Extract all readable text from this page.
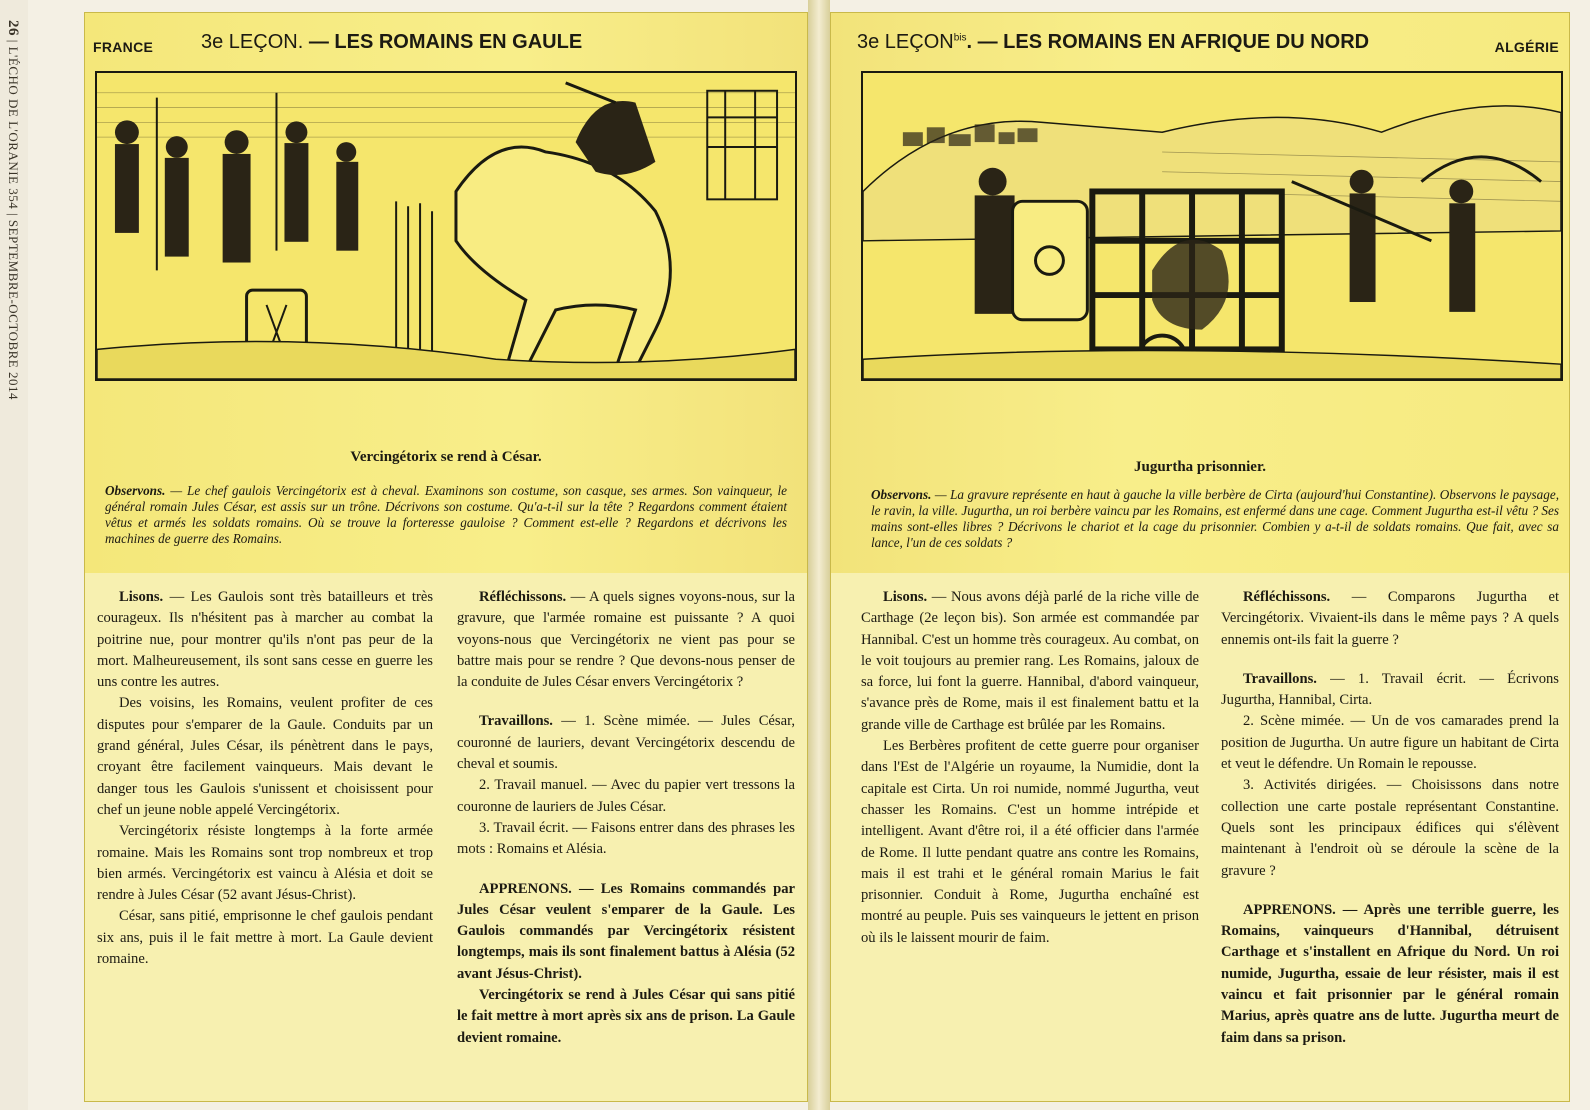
26 | L'ÉCHO DE L'ORANIE 354 | SEPTEMBRE-OCTOBRE 2014	FRANCE 3e LEÇON. — LES ROMAINS EN GAULE
Vercingétorix se rend à César.
Observons. — Le chef gaulois Vercingétorix est à cheval. Examinons son costume, son casque, ses armes. Son vainqueur, le général romain Jules César, est assis sur un trône. Décrivons son costume. Qu'a-t-il sur la tête ? Regardons comment étaient vêtus et armés les soldats romains. Où se trouve la forteresse gauloise ? Comment est-elle ? Regardons et décrivons les machines de guerre des Romains.

Lisons. — Les Gaulois sont très batailleurs et très courageux. Ils n'hésitent pas à marcher au combat la poitrine nue, pour montrer qu'ils n'ont pas peur de la mort. Malheureusement, ils sont sans cesse en guerre les uns contre les autres.

Des voisins, les Romains, veulent profiter de ces disputes pour s'emparer de la Gaule. Conduits par un grand général, Jules César, ils pénètrent dans le pays, croyant être facilement vainqueurs. Mais devant le danger tous les Gaulois s'unissent et choisissent pour chef un jeune noble appelé Vercingétorix.

Vercingétorix résiste longtemps à la forte armée romaine. Mais les Romains sont trop nombreux et trop bien armés. Vercingétorix est vaincu à Alésia et doit se rendre à Jules César (52 avant Jésus-Christ).

César, sans pitié, emprisonne le chef gaulois pendant six ans, puis il le fait mettre à mort. La Gaule devient romaine.

Réfléchissons. — A quels signes voyons-nous, sur la gravure, que l'armée romaine est puissante ? A quoi voyons-nous que Vercingétorix ne vient pas pour se battre mais pour se rendre ? Que devons-nous penser de la conduite de Jules César envers Vercingétorix ?

Travaillons. — 1. Scène mimée. — Jules César, couronné de lauriers, devant Vercingétorix descendu de cheval et soumis.

2. Travail manuel. — Avec du papier vert tressons la couronne de lauriers de Jules César.

3. Travail écrit. — Faisons entrer dans des phrases les mots : Romains et Alésia.

APPRENONS. — Les Romains commandés par Jules César veulent s'emparer de la Gaule. Les Gaulois commandés par Vercingétorix résistent longtemps, mais ils sont finalement battus à Alésia (52 avant Jésus-Christ).

Vercingétorix se rend à Jules César qui sans pitié le fait mettre à mort après six ans de prison. La Gaule devient romaine.

3e $LEÇON^{bis}$. — LES ROMAINS EN AFRIQUE DU NORD	ALGÉRIE
Jugurtha prisonnier.
Observons. — La gravure représente en haut à gauche la ville berbère de Cirta (aujourd'hui Constantine). Observons le paysage, le ravin, la ville. Jugurtha, un roi berbère vaincu par les Romains, est enfermé dans une cage. Comment Jugurtha est-il vêtu ? Ses mains sont-elles libres ? Décrivons le chariot et la cage du prisonnier. Combien y a-t-il de soldats romains. Que fait, avec sa lance, l'un de ces soldats ?

Lisons. — Nous avons déjà parlé de la riche ville de Carthage (2e leçon bis). Son armée est commandée par Hannibal. C'est un homme très courageux. Au combat, on le voit toujours au premier rang. Les Romains, jaloux de sa force, lui font la guerre. Hannibal, d'abord vainqueur, s'avance près de Rome, mais il est finalement battu et la grande ville de Carthage est brûlée par les Romains.

Les Berbères profitent de cette guerre pour organiser dans l'Est de l'Algérie un royaume, la Numidie, dont la capitale est Cirta. Un roi numide, nommé Jugurtha, veut chasser les Romains. C'est un homme intrépide et intelligent. Avant d'être roi, il a été officier dans l'armée de Rome. Il lutte pendant quatre ans contre les Romains, mais il est trahi et le général romain Marius le fait prisonnier. Conduit à Rome, Jugurtha enchaîné est montré au peuple. Puis ses vainqueurs le jettent en prison où ils le laissent mourir de faim.

Réfléchissons. — Comparons Jugurtha et Vercingétorix. Vivaient-ils dans le même pays ? A quels ennemis ont-ils fait la guerre ?

Travaillons. — 1. Travail écrit. — Écrivons Jugurtha, Hannibal, Cirta.

2. Scène mimée. — Un de vos camarades prend la position de Jugurtha. Un autre figure un habitant de Cirta et veut le défendre. Un Romain le repousse.

3. Activités dirigées. — Choisissons dans notre collection une carte postale représentant Constantine. Quels sont les principaux édifices qui s'élèvent maintenant à l'endroit où se déroule la scène de la gravure ?

APPRENONS. — Après une terrible guerre, les Romains, vainqueurs d'Hannibal, détruisent Carthage et s'installent en Afrique du Nord. Un roi numide, Jugurtha, essaie de leur résister, mais il est vaincu et fait prisonnier par le général romain Marius, après quatre ans de lutte. Jugurtha meurt de faim dans sa prison.
